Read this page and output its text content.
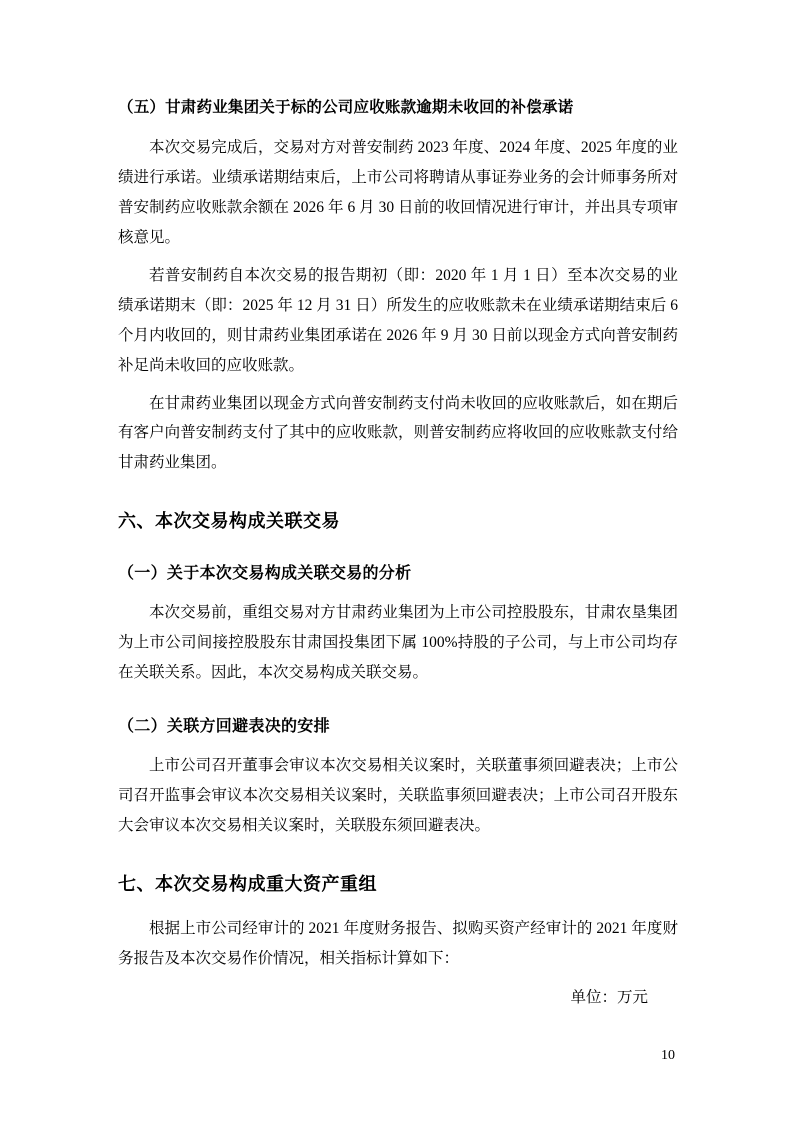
（五）甘肃药业集团关于标的公司应收账款逾期未收回的补偿承诺

本次交易完成后，交易对方对普安制药 2023 年度、2024 年度、2025 年度的业绩进行承诺。业绩承诺期结束后，上市公司将聘请从事证券业务的会计师事务所对普安制药应收账款余额在 2026 年 6 月 30 日前的收回情况进行审计，并出具专项审核意见。

若普安制药自本次交易的报告期初（即：2020 年 1 月 1 日）至本次交易的业绩承诺期末（即：2025 年 12 月 31 日）所发生的应收账款未在业绩承诺期结束后 6 个月内收回的，则甘肃药业集团承诺在 2026 年 9 月 30 日前以现金方式向普安制药补足尚未收回的应收账款。

在甘肃药业集团以现金方式向普安制药支付尚未收回的应收账款后，如在期后有客户向普安制药支付了其中的应收账款，则普安制药应将收回的应收账款支付给甘肃药业集团。

六、本次交易构成关联交易
（一）关于本次交易构成关联交易的分析

本次交易前，重组交易对方甘肃药业集团为上市公司控股股东，甘肃农垦集团为上市公司间接控股股东甘肃国投集团下属 100%持股的子公司，与上市公司均存在关联关系。因此，本次交易构成关联交易。

（二）关联方回避表决的安排

上市公司召开董事会审议本次交易相关议案时，关联董事须回避表决；上市公司召开监事会审议本次交易相关议案时，关联监事须回避表决；上市公司召开股东大会审议本次交易相关议案时，关联股东须回避表决。

七、本次交易构成重大资产重组

根据上市公司经审计的 2021 年度财务报告、拟购买资产经审计的 2021 年度财务报告及本次交易作价情况，相关指标计算如下：

单位：万元
10
